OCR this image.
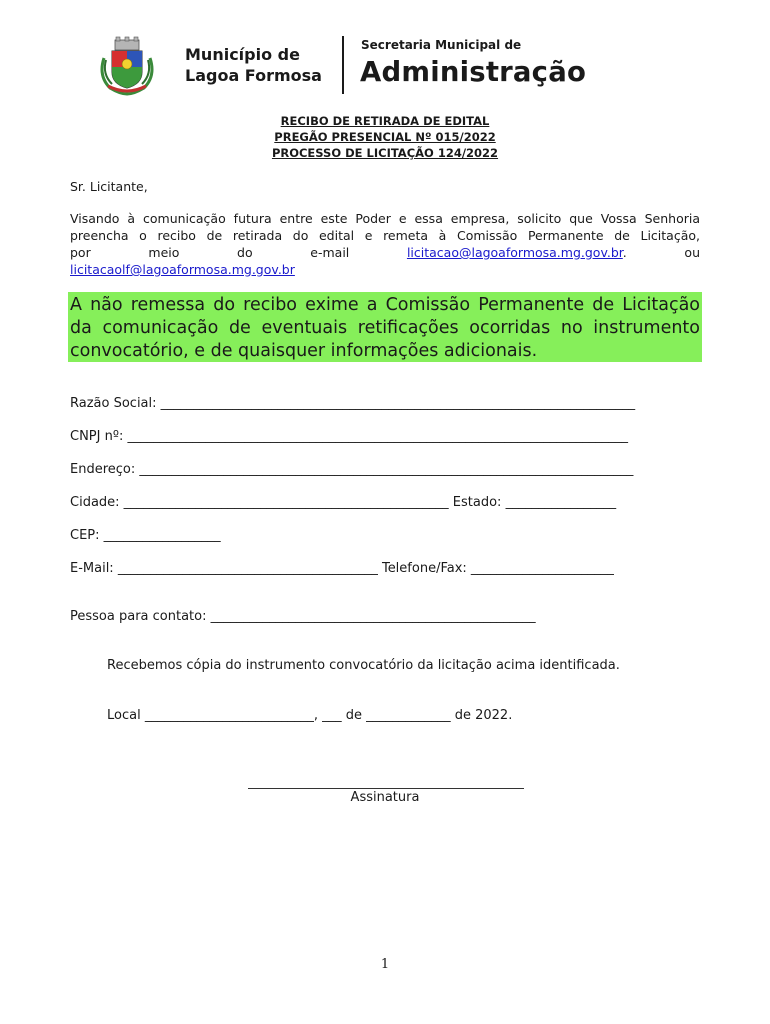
Município de
Lagoa Formosa
Secretaria Municipal de
Administração
RECIBO DE RETIRADA DE EDITAL
PREGÃO PRESENCIAL Nº 015/2022
PROCESSO DE LICITAÇÃO 124/2022
Sr. Licitante,
Visando à comunicação futura entre este Poder e essa empresa, solicito que Vossa Senhoria
preencha o recibo de retirada do edital e remeta à Comissão Permanente de Licitação,
por	meio	do	e-mail	licitacao@lagoaformosa.mg.gov.br.	ou
licitacaolf@lagoaformosa.mg.gov.br
A não remessa do recibo exime a Comissão Permanente de Licitação
da comunicação de eventuais retificações ocorridas no instrumento
convocatório, e de quaisquer informações adicionais.
Razão Social: _________________________________________________________________________
CNPJ nº: _____________________________________________________________________________
Endereço: ____________________________________________________________________________
Cidade: __________________________________________________ Estado: _________________
CEP: __________________
E-Mail: ________________________________________ Telefone/Fax: ______________________
Pessoa para contato: __________________________________________________
Recebemos cópia do instrumento convocatório da licitação acima identificada.
Local __________________________, ___ de _____________ de 2022.
Assinatura
1
